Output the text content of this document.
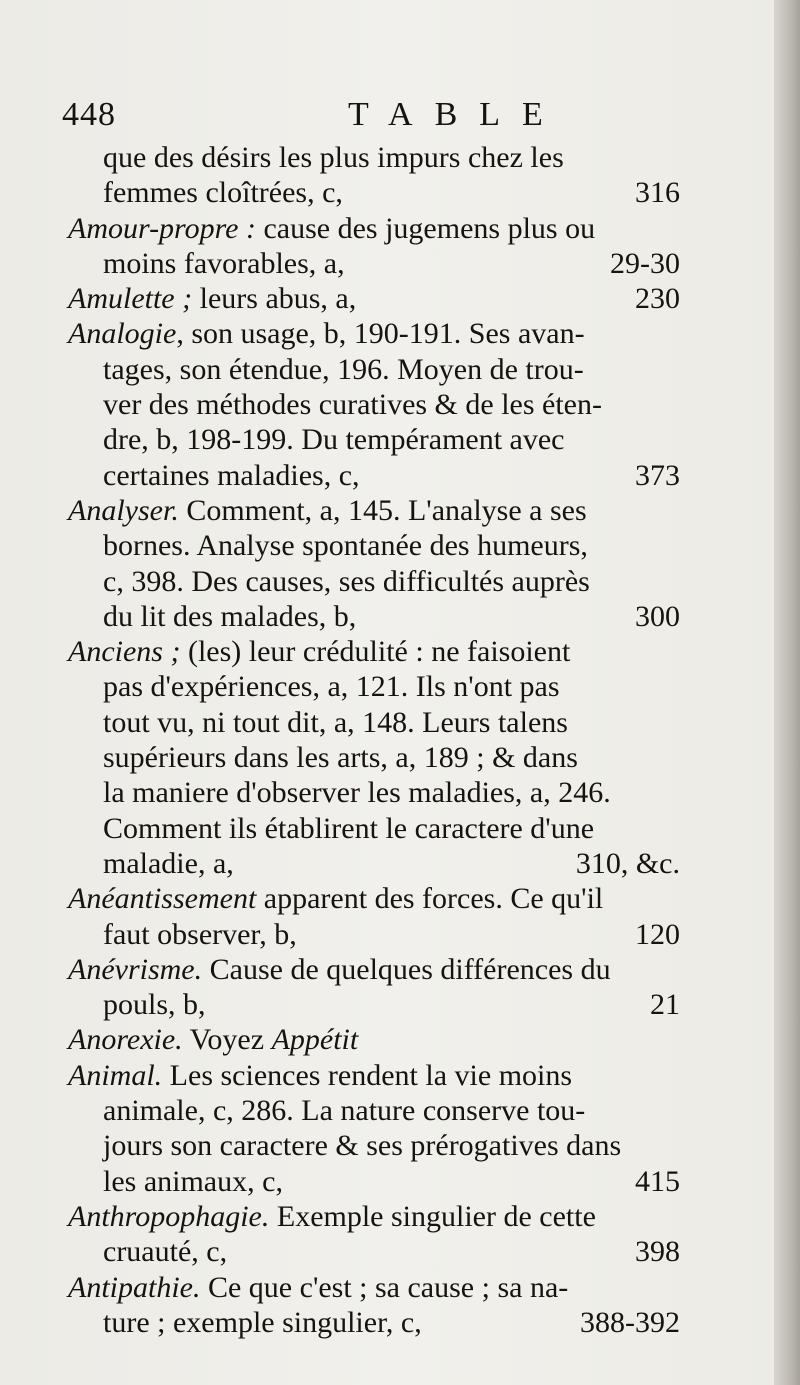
448	TABLE
que des désirs les plus impurs chez les
femmes cloîtrées, c,	316
Amour-propre : cause des jugemens plus ou
moins favorables, a,	29-30
Amulette ; leurs abus, a,	230
Analogie, son usage, b, 190-191. Ses avan-
tages, son étendue, 196. Moyen de trou-
ver des méthodes curatives & de les éten-
dre, b, 198-199. Du tempérament avec
certaines maladies, c,	373
Analyser. Comment, a, 145. L'analyse a ses
bornes. Analyse spontanée des humeurs,
c, 398. Des causes, ses difficultés auprès
du lit des malades, b,	300
Anciens ; (les) leur crédulité : ne faisoient
pas d'expériences, a, 121. Ils n'ont pas
tout vu, ni tout dit, a, 148. Leurs talens
supérieurs dans les arts, a, 189 ; & dans
la maniere d'observer les maladies, a, 246.
Comment ils établirent le caractere d'une
maladie, a,	310, &c.
Anéantissement apparent des forces. Ce qu'il
faut observer, b,	120
Anévrisme. Cause de quelques différences du
pouls, b,	21
Anorexie. Voyez Appétit
Animal. Les sciences rendent la vie moins
animale, c, 286. La nature conserve tou-
jours son caractere & ses prérogatives dans
les animaux, c,	415
Anthropophagie. Exemple singulier de cette
cruauté, c,	398
Antipathie. Ce que c'est ; sa cause ; sa na-
ture ; exemple singulier, c,	388-392
